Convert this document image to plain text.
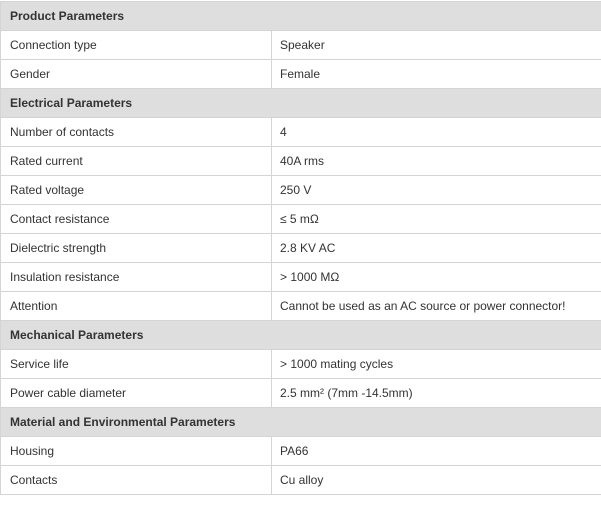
Product Parameters	
Connection type	Speaker
Gender	Female
Electrical Parameters	
Number of contacts	4
Rated current	40A rms
Rated voltage	250 V
Contact resistance	≤ 5 mΩ
Dielectric strength	2.8 KV AC
Insulation resistance	> 1000 MΩ
Attention	Cannot be used as an AC source or power connector!
Mechanical Parameters	
Service life	> 1000 mating cycles
Power cable diameter	2.5 mm² (7mm -14.5mm)
Material and Environmental Parameters	
Housing	PA66
Contacts	Cu alloy
